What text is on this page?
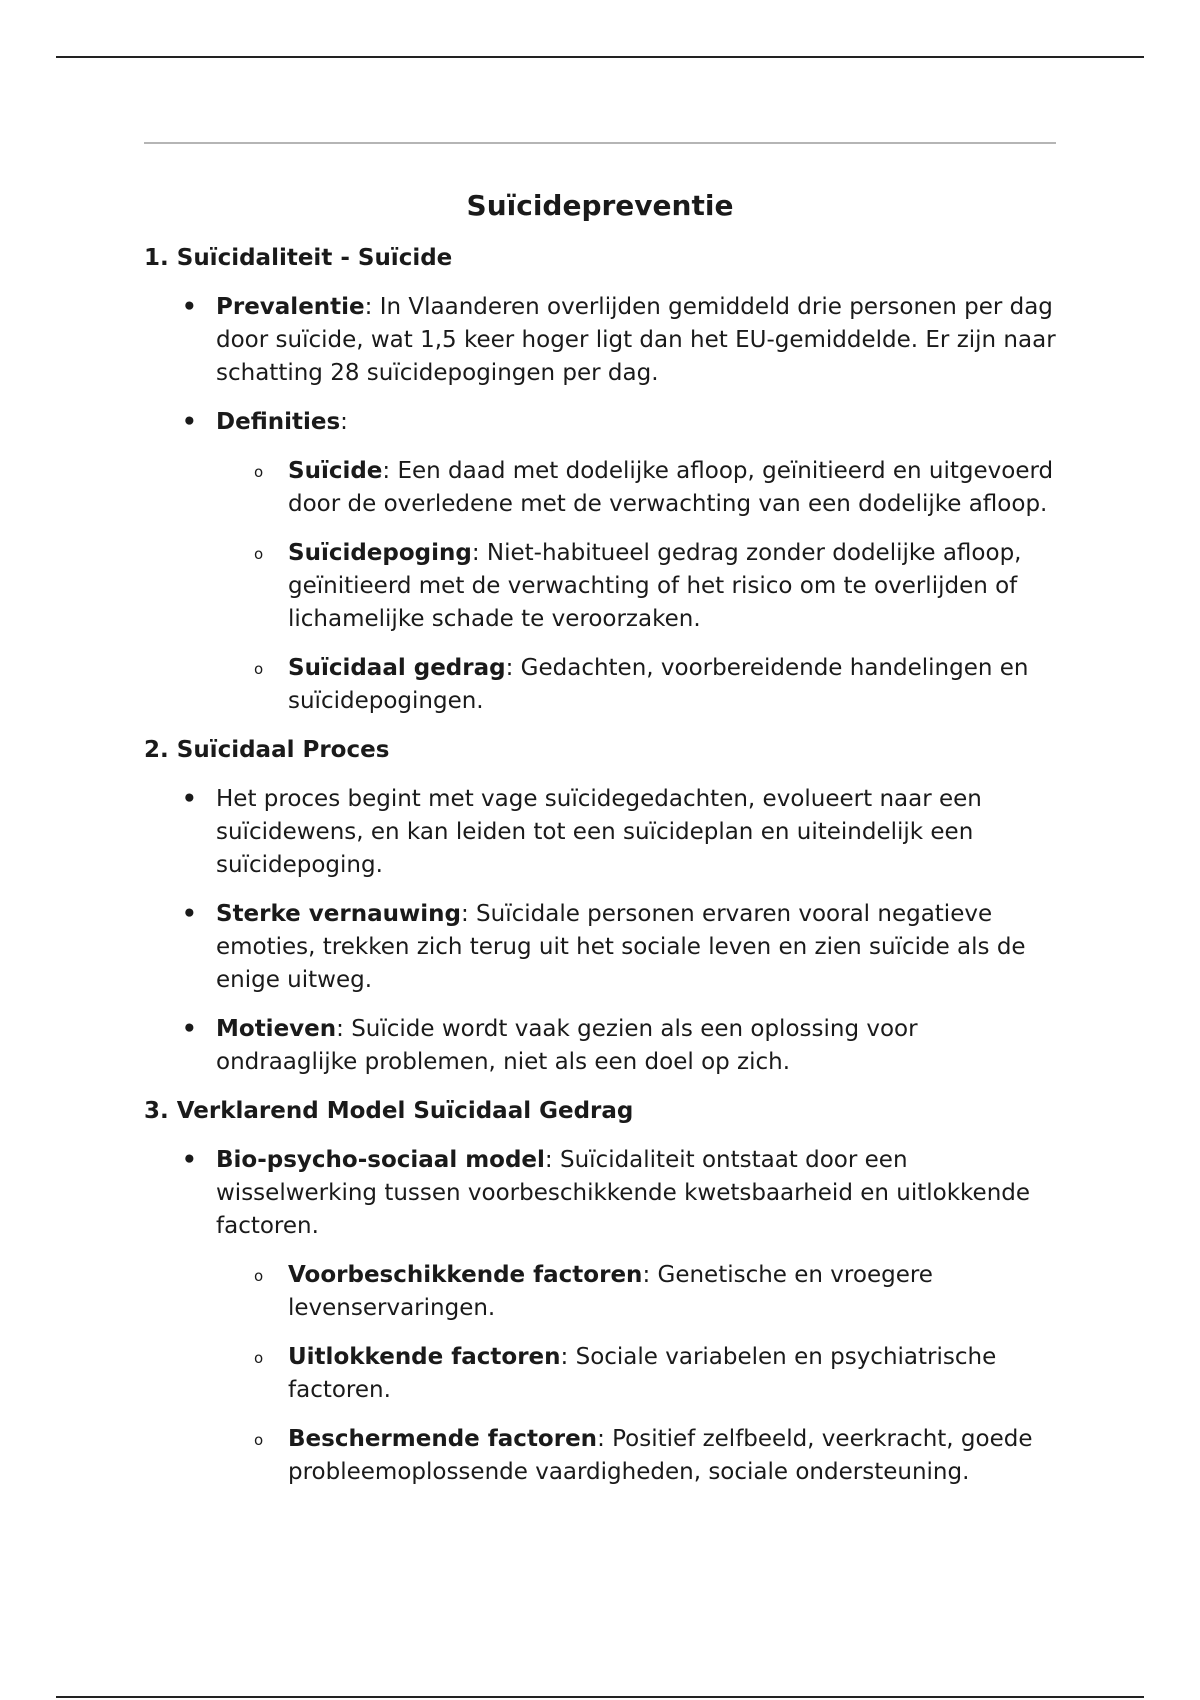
Suïcidepreventie
1. Suïcidaliteit - Suïcide
• Prevalentie: In Vlaanderen overlijden gemiddeld drie personen per dag door suïcide, wat 1,5 keer hoger ligt dan het EU-gemiddelde. Er zijn naar schatting 28 suïcidepogingen per dag.
• Definities:
o Suïcide: Een daad met dodelijke afloop, geïnitieerd en uitgevoerd door de overledene met de verwachting van een dodelijke afloop.
o Suïcidepoging: Niet-habitueel gedrag zonder dodelijke afloop, geïnitieerd met de verwachting of het risico om te overlijden of lichamelijke schade te veroorzaken.
o Suïcidaal gedrag: Gedachten, voorbereidende handelingen en suïcidepogingen.
2. Suïcidaal Proces
• Het proces begint met vage suïcidegedachten, evolueert naar een suïcidewens, en kan leiden tot een suïcideplan en uiteindelijk een suïcidepoging.
• Sterke vernauwing: Suïcidale personen ervaren vooral negatieve emoties, trekken zich terug uit het sociale leven en zien suïcide als de enige uitweg.
• Motieven: Suïcide wordt vaak gezien als een oplossing voor ondraaglijke problemen, niet als een doel op zich.
3. Verklarend Model Suïcidaal Gedrag
• Bio-psycho-sociaal model: Suïcidaliteit ontstaat door een wisselwerking tussen voorbeschikkende kwetsbaarheid en uitlokkende factoren.
o Voorbeschikkende factoren: Genetische en vroegere levenservaringen.
o Uitlokkende factoren: Sociale variabelen en psychiatrische factoren.
o Beschermende factoren: Positief zelfbeeld, veerkracht, goede probleemoplossende vaardigheden, sociale ondersteuning.
